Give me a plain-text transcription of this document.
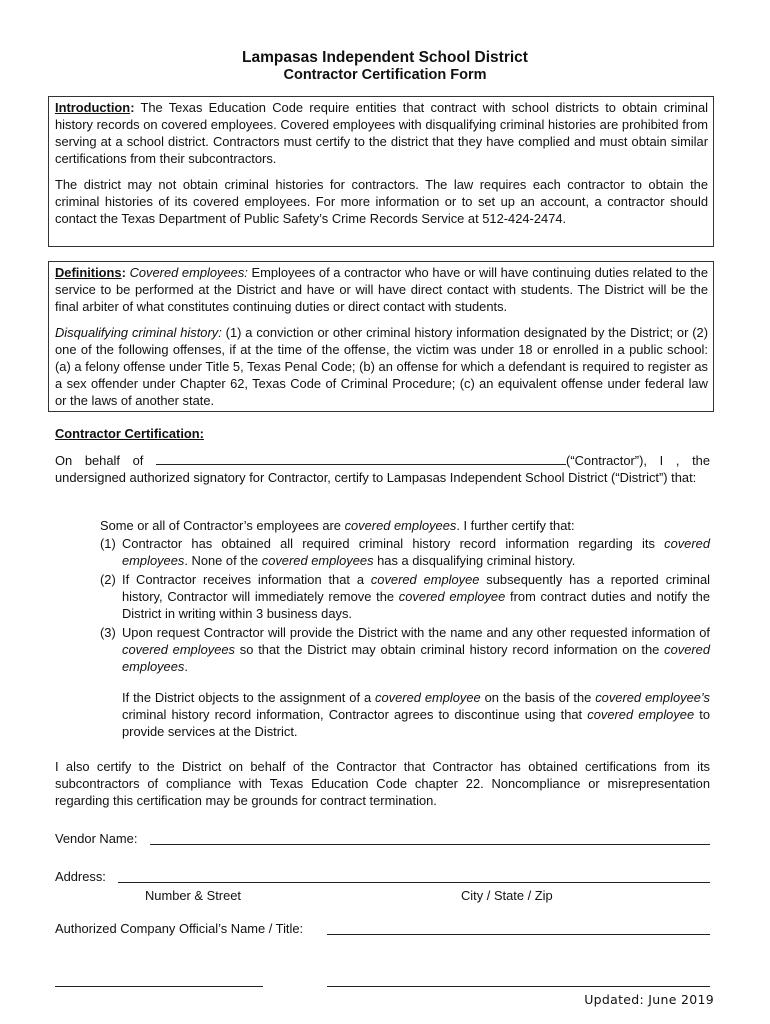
Lampasas Independent School District
Contractor Certification Form

Introduction: The Texas Education Code require entities that contract with school districts to obtain criminal history records on covered employees. Covered employees with disqualifying criminal histories are prohibited from serving at a school district. Contractors must certify to the district that they have complied and must obtain similar certifications from their subcontractors.

The district may not obtain criminal histories for contractors. The law requires each contractor to obtain the criminal histories of its covered employees. For more information or to set up an account, a contractor should contact the Texas Department of Public Safety’s Crime Records Service at 512-424-2474.

Definitions: Covered employees: Employees of a contractor who have or will have continuing duties related to the service to be performed at the District and have or will have direct contact with students. The District will be the final arbiter of what constitutes continuing duties or direct contact with students.

Disqualifying criminal history: (1) a conviction or other criminal history information designated by the District; or (2) one of the following offenses, if at the time of the offense, the victim was under 18 or enrolled in a public school: (a) a felony offense under Title 5, Texas Penal Code; (b) an offense for which a defendant is required to register as a sex offender under Chapter 62, Texas Code of Criminal Procedure; (c) an equivalent offense under federal law or the laws of another state.

Contractor Certification:
On behalf of	(“Contractor”), I , the undersigned authorized signatory for Contractor, certify to Lampasas Independent School District (“District”) that:
Some or all of Contractor’s employees are covered employees. I further certify that:
(1) Contractor has obtained all required criminal history record information regarding its covered employees. None of the covered employees has a disqualifying criminal history.
(2) If Contractor receives information that a covered employee subsequently has a reported criminal history, Contractor will immediately remove the covered employee from contract duties and notify the District in writing within 3 business days.
(3) Upon request Contractor will provide the District with the name and any other requested information of covered employees so that the District may obtain criminal history record information on the covered employees.
If the District objects to the assignment of a covered employee on the basis of the covered employee’s criminal history record information, Contractor agrees to discontinue using that covered employee to provide services at the District.
I also certify to the District on behalf of the Contractor that Contractor has obtained certifications from its subcontractors of compliance with Texas Education Code chapter 22. Noncompliance or misrepresentation regarding this certification may be grounds for contract termination.
Vendor Name:
Address:
Number & Street	City / State / Zip
Authorized Company Official’s Name / Title:
Updated: June 2019
